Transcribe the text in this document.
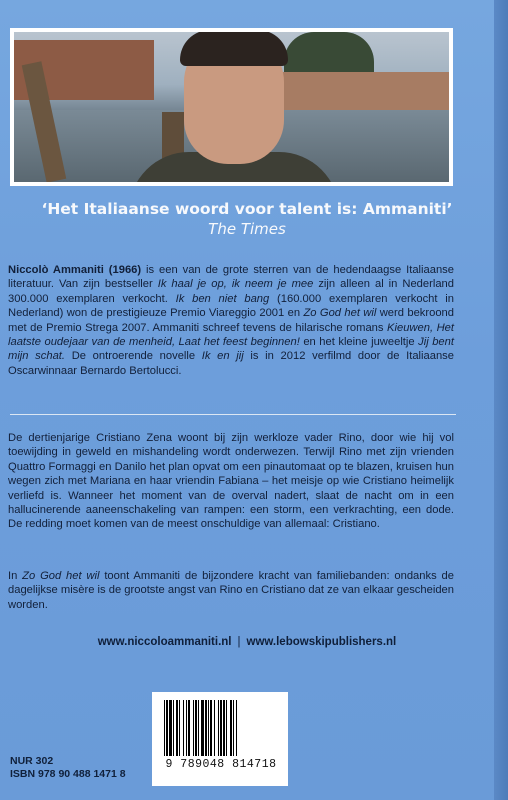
‘Het Italiaanse woord voor talent is: Ammaniti’
The Times

Niccolò Ammaniti (1966) is een van de grote sterren van de hedendaagse Italiaanse literatuur. Van zijn bestseller Ik haal je op, ik neem je mee zijn alleen al in Nederland 300.000 exemplaren verkocht. Ik ben niet bang (160.000 exemplaren verkocht in Nederland) won de prestigieuze Premio Viareggio 2001 en Zo God het wil werd bekroond met de Premio Strega 2007. Ammaniti schreef tevens de hilarische romans Kieuwen, Het laatste oudejaar van de menheid, Laat het feest beginnen! en het kleine juweeltje Jij bent mijn schat. De ontroerende novelle Ik en jij is in 2012 verfilmd door de Italiaanse Oscarwinnaar Bernardo Bertolucci.

De dertienjarige Cristiano Zena woont bij zijn werkloze vader Rino, door wie hij vol toewijding in geweld en mishandeling wordt onderwezen. Terwijl Rino met zijn vrienden Quattro Formaggi en Danilo het plan opvat om een pinautomaat op te blazen, kruisen hun wegen zich met Mariana en haar vriendin Fabiana – het meisje op wie Cristiano heimelijk verliefd is. Wanneer het moment van de overval nadert, slaat de nacht om in een hallucinerende aaneenschakeling van rampen: een storm, een verkrachting, een dode. De redding moet komen van de meest onschuldige van allemaal: Cristiano.

In Zo God het wil toont Ammaniti de bijzondere kracht van familiebanden: ondanks de dagelijkse misère is de grootste angst van Rino en Cristiano dat ze van elkaar gescheiden worden.

www.niccoloammaniti.nl | www.lebowskipublishers.nl
9 789048 814718
NUR 302
ISBN 978 90 488 1471 8
